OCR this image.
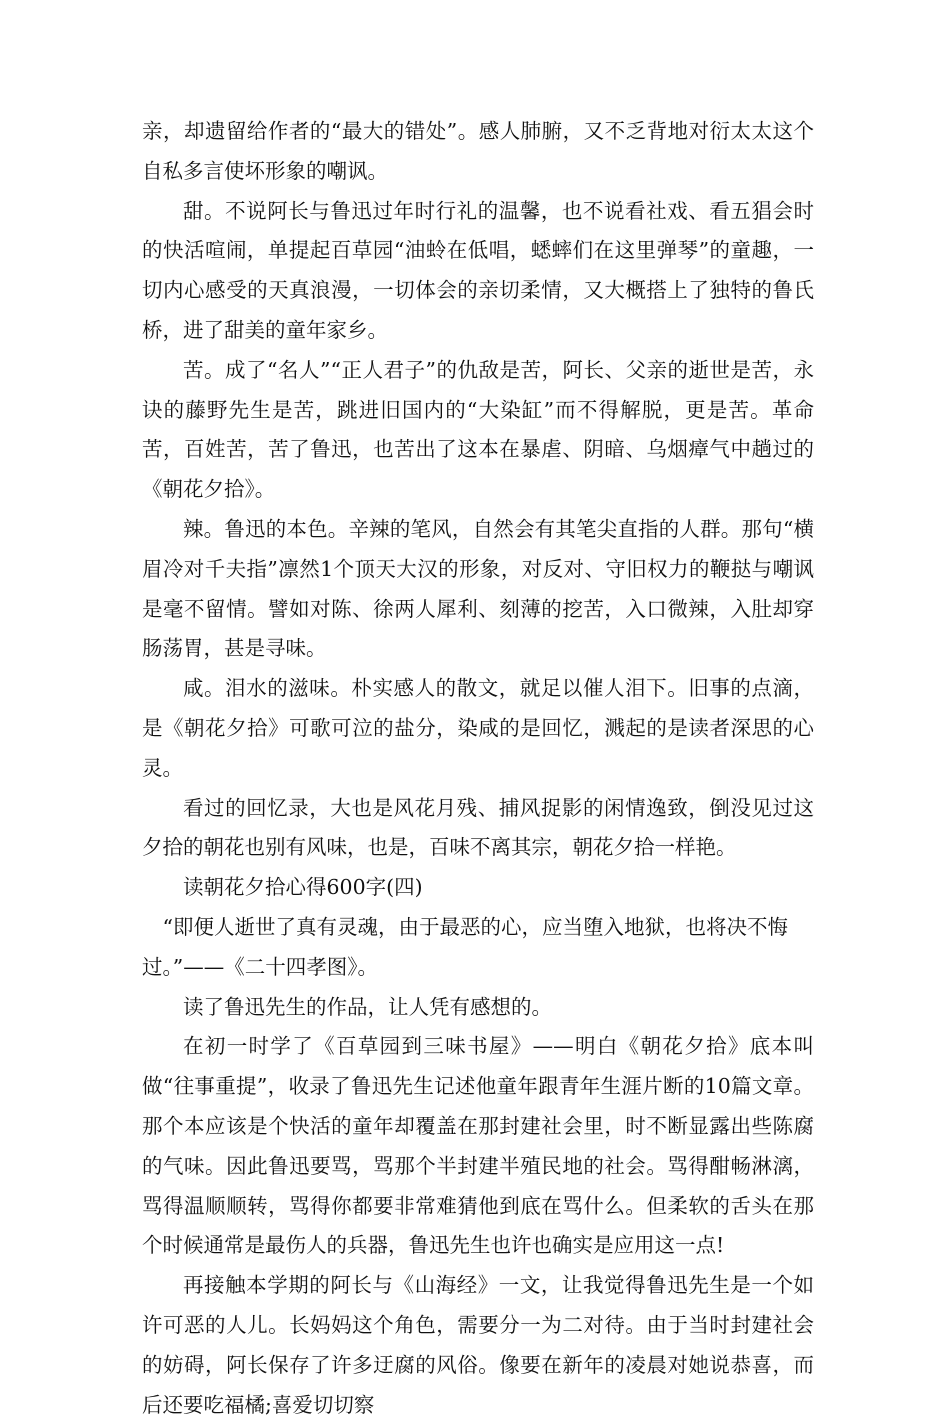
亲，却遗留给作者的“最大的错处”。感人肺腑，又不乏背地对衍太太这个自私多言使坏形象的嘲讽。

甜。不说阿长与鲁迅过年时行礼的温馨，也不说看社戏、看五猖会时的快活喧闹，单提起百草园“油蛉在低唱，蟋蟀们在这里弹琴”的童趣，一切内心感受的天真浪漫，一切体会的亲切柔情，又大概搭上了独特的鲁氏桥，进了甜美的童年家乡。

苦。成了“名人”“正人君子”的仇敌是苦，阿长、父亲的逝世是苦，永诀的藤野先生是苦，跳进旧国内的“大染缸”而不得解脱，更是苦。革命苦，百姓苦，苦了鲁迅，也苦出了这本在暴虐、阴暗、乌烟瘴气中趟过的《朝花夕拾》。

辣。鲁迅的本色。辛辣的笔风，自然会有其笔尖直指的人群。那句“横眉冷对千夫指”凛然1个顶天大汉的形象，对反对、守旧权力的鞭挞与嘲讽是毫不留情。譬如对陈、徐两人犀利、刻薄的挖苦，入口微辣，入肚却穿肠荡胃，甚是寻味。

咸。泪水的滋味。朴实感人的散文，就足以催人泪下。旧事的点滴，是《朝花夕拾》可歌可泣的盐分，染咸的是回忆，溅起的是读者深思的心灵。

看过的回忆录，大也是风花月残、捕风捉影的闲情逸致，倒没见过这夕拾的朝花也别有风味，也是，百味不离其宗，朝花夕拾一样艳。

读朝花夕拾心得600字(四)

“即便人逝世了真有灵魂，由于最恶的心，应当堕入地狱，也将决不悔过。”——《二十四孝图》。

读了鲁迅先生的作品，让人凭有感想的。

在初一时学了《百草园到三味书屋》——明白《朝花夕拾》底本叫做“往事重提”，收录了鲁迅先生记述他童年跟青年生涯片断的10篇文章。那个本应该是个快活的童年却覆盖在那封建社会里，时不断显露出些陈腐的气味。因此鲁迅要骂，骂那个半封建半殖民地的社会。骂得酣畅淋漓，骂得温顺顺转，骂得你都要非常难猜他到底在骂什么。但柔软的舌头在那个时候通常是最伤人的兵器，鲁迅先生也许也确实是应用这一点!

再接触本学期的阿长与《山海经》一文，让我觉得鲁迅先生是一个如许可恶的人儿。长妈妈这个角色，需要分一为二对待。由于当时封建社会的妨碍，阿长保存了许多迂腐的风俗。像要在新年的凌晨对她说恭喜，而后还要吃福橘;喜爱切切察
